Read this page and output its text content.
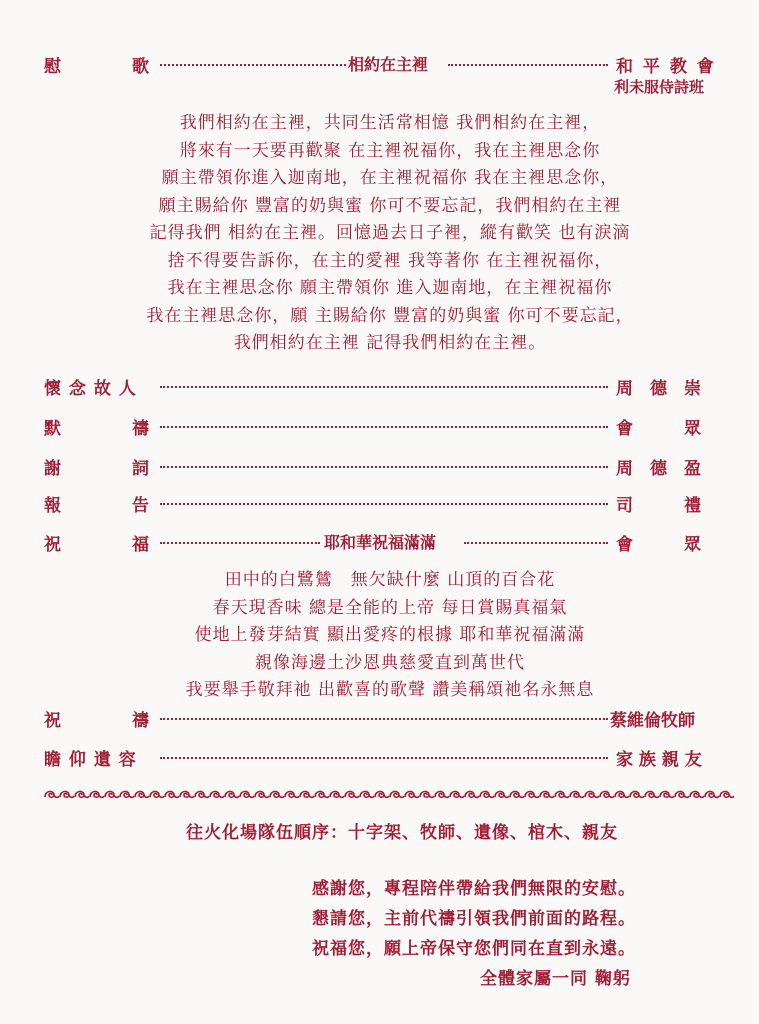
慰	歌	相約在主裡	和 平 教 會
利未服侍詩班
我們相約在主裡，共同生活常相憶 我們相約在主裡，
將來有一天要再歡聚 在主裡祝福你，我在主裡思念你
願主帶領你進入迦南地，在主裡祝福你 我在主裡思念你，
願主賜給你 豐富的奶與蜜 你可不要忘記，我們相約在主裡
記得我們 相約在主裡。回憶過去日子裡，縱有歡笑 也有淚滴
捨不得要告訴你，在主的愛裡 我等著你 在主裡祝福你，
我在主裡思念你 願主帶領你 進入迦南地，在主裡祝福你
我在主裡思念你，願 主賜給你 豐富的奶與蜜 你可不要忘記，
我們相約在主裡 記得我們相約在主裡。
懷 念 故 人	周　德　崇
默	禱	會　　　眾
謝	詞	周　德　盈
報	告	司　　　禮
祝	福	耶和華祝福滿滿	會　　　眾
田中的白鷺鷥　無欠缺什麼 山頂的百合花
春天現香味 總是全能的上帝 每日賞賜真福氣
使地上發芽結實 顯出愛疼的根據 耶和華祝福滿滿
親像海邊土沙恩典慈愛直到萬世代
我要舉手敬拜祂 出歡喜的歌聲 讚美稱頌祂名永無息
祝	禱	蔡維倫牧師
瞻 仰 遺 容	家 族 親 友
往火化場隊伍順序：十字架、牧師、遺像、棺木、親友
感謝您，專程陪伴帶給我們無限的安慰。
懇請您，主前代禱引領我們前面的路程。
祝福您，願上帝保守您們同在直到永遠。
全體家屬一同 鞠躬
